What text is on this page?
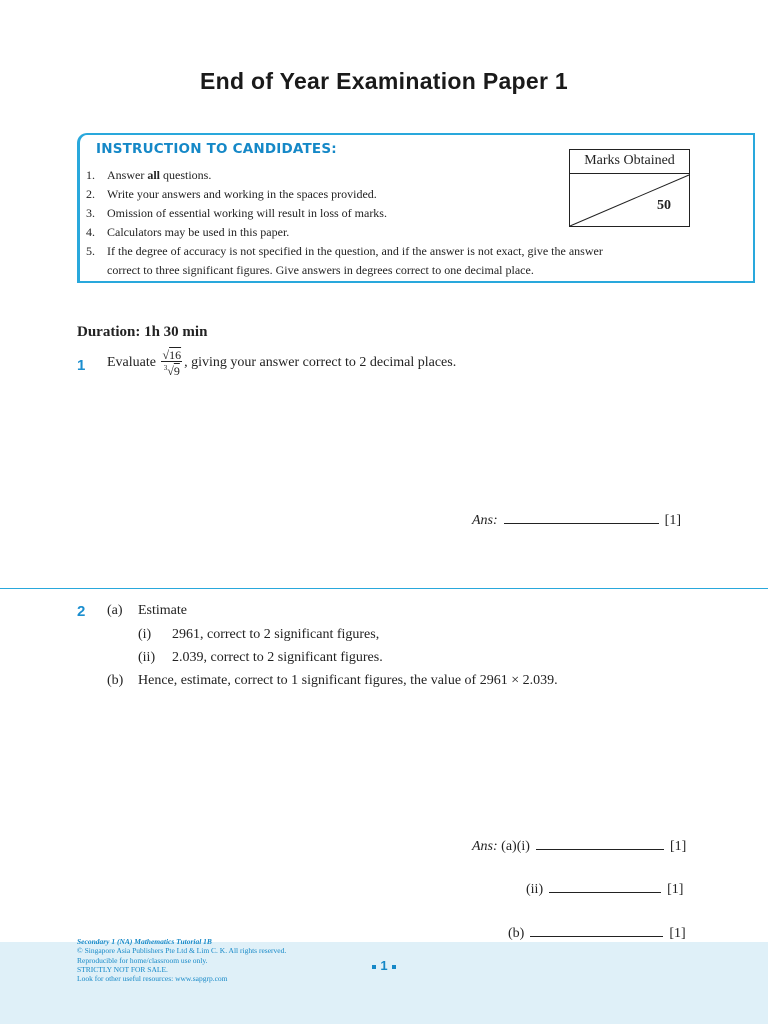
End of Year Examination Paper 1
INSTRUCTION TO CANDIDATES:
1.	Answer all questions.
2.	Write your answers and working in the spaces provided.
3.	Omission of essential working will result in loss of marks.
4.	Calculators may be used in this paper.
5.	If the degree of accuracy is not specified in the question, and if the answer is not exact, give the answer
correct to three significant figures. Give answers in degrees correct to one decimal place.
Marks Obtained
50
Duration: 1h 30 min
1 Evaluate $\frac{√16}{^3√9}$ , giving your answer correct to 2 decimal places.
Ans:	[1]
2 (a) Estimate
(i) 2961, correct to 2 significant figures,
(ii) 2.039, correct to 2 significant figures.
(b) Hence, estimate, correct to 1 significant figures, the value of 2961 × 2.039.
Ans: (a)(i)	[1]
(ii)	[1]
(b)	[1]
Secondary 1 (NA) Mathematics Tutorial 1B
© Singapore Asia Publishers Pte Ltd & Lim C. K. All rights reserved.
Reproducible for home/classroom use only.
STRICTLY NOT FOR SALE.
Look for other useful resources: www.sapgrp.com
1
